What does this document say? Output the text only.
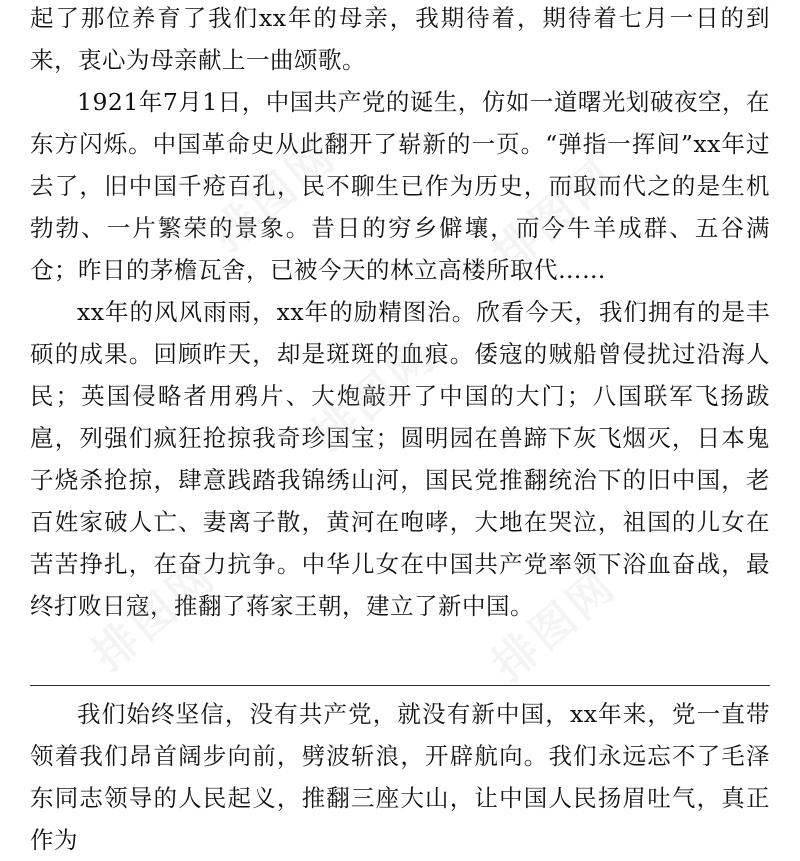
起了那位养育了我们xx年的母亲，我期待着，期待着七月一日的到来，衷心为母亲献上一曲颂歌。

1921年7月1日，中国共产党的诞生，仿如一道曙光划破夜空，在东方闪烁。中国革命史从此翻开了崭新的一页。“弹指一挥间”xx年过去了，旧中国千疮百孔，民不聊生已作为历史，而取而代之的是生机勃勃、一片繁荣的景象。昔日的穷乡僻壤，而今牛羊成群、五谷满仓；昨日的茅檐瓦舍，已被今天的林立高楼所取代……

xx年的风风雨雨，xx年的励精图治。欣看今天，我们拥有的是丰硕的成果。回顾昨天，却是斑斑的血痕。倭寇的贼船曾侵扰过沿海人民；英国侵略者用鸦片、大炮敲开了中国的大门；八国联军飞扬跋扈，列强们疯狂抢掠我奇珍国宝；圆明园在兽蹄下灰飞烟灭，日本鬼子烧杀抢掠，肆意践踏我锦绣山河，国民党推翻统治下的旧中国，老百姓家破人亡、妻离子散，黄河在咆哮，大地在哭泣，祖国的儿女在苦苦挣扎，在奋力抗争。中华儿女在中国共产党率领下浴血奋战，最终打败日寇，推翻了蒋家王朝，建立了新中国。

我们始终坚信，没有共产党，就没有新中国，xx年来，党一直带领着我们昂首阔步向前，劈波斩浪，开辟航向。我们永远忘不了毛泽东同志领导的人民起义，推翻三座大山，让中国人民扬眉吐气，真正作为

排图网	排图网
排图网
排图网	排图网
